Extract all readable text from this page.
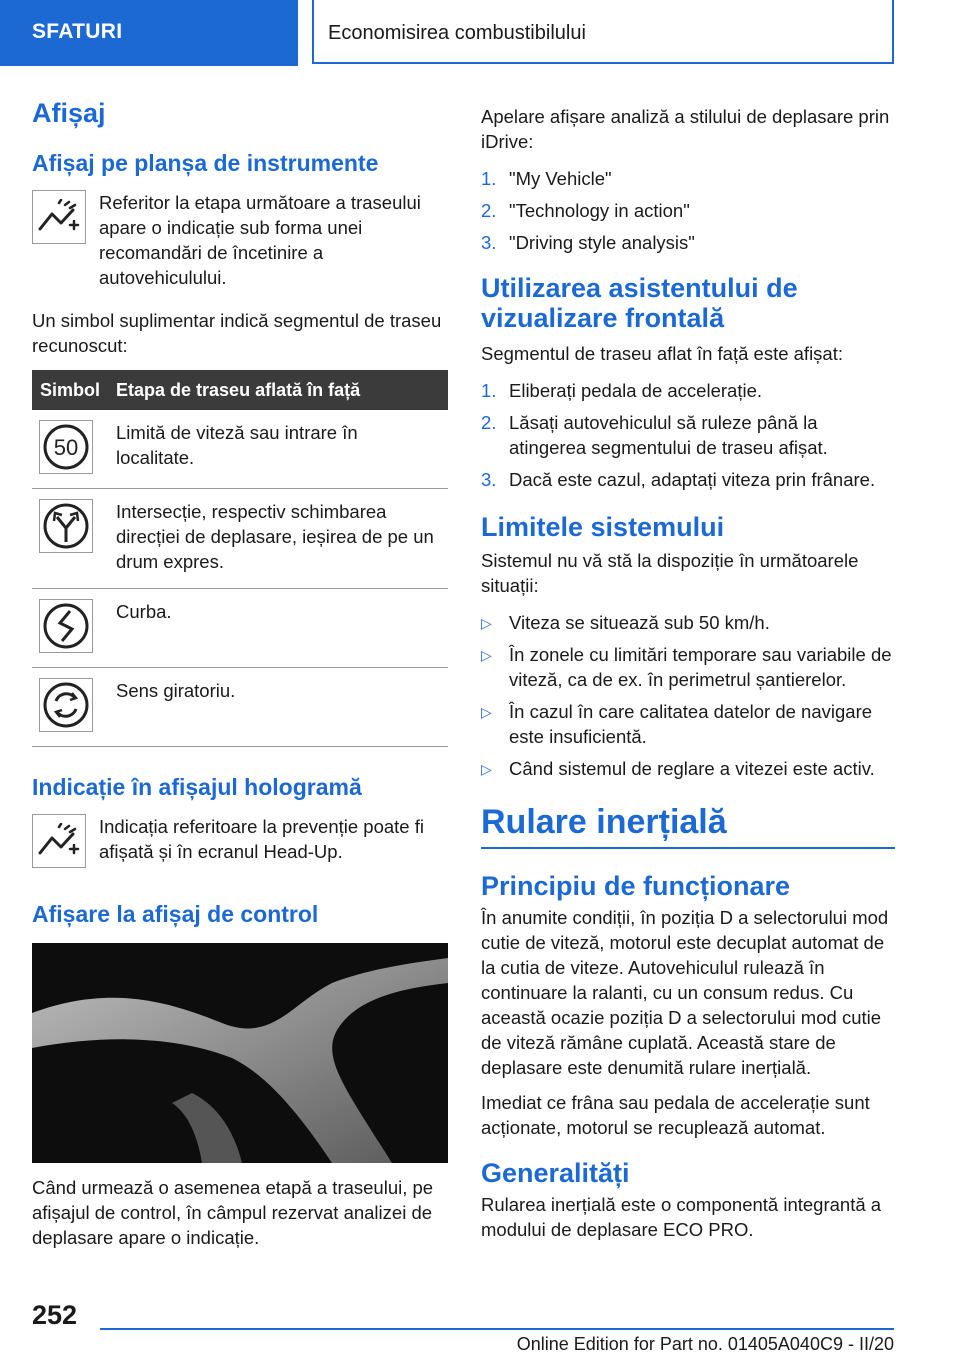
SFATURI	Economisirea combustibilului
Afișaj
Afișaj pe planșa de instrumente

Referitor la etapa următoare a traseului apare o indicație sub forma unei recomandări de încetinire a autovehiculului.

Un simbol suplimentar indică segmentul de traseu recunoscut:

Simbol	Etapa de traseu aflată în față

50	Limită de viteză sau intrare în localitate.

	Intersecție, respectiv schimbarea direcției de deplasare, ieșirea de pe un drum expres.

	Curba.

	Sens giratoriu.
Indicație în afișajul hologramă

Indicația referitoare la prevenție poate fi afișată și în ecranul Head-Up.

Afișare la afișaj de control

Când urmează o asemenea etapă a traseului, pe afișajul de control, în câmpul rezervat analizei de deplasare apare o indicație.

Apelare afișare analiză a stilului de deplasare prin iDrive:

1. "My Vehicle"
2. "Technology in action"
3. "Driving style analysis"
Utilizarea asistentului de vizualizare frontală

Segmentul de traseu aflat în față este afișat:

1. Eliberați pedala de accelerație.
2. Lăsați autovehiculul să ruleze până la atingerea segmentului de traseu afișat.
3. Dacă este cazul, adaptați viteza prin frânare.
Limitele sistemului

Sistemul nu vă stă la dispoziție în următoarele situații:

▷ Viteza se situează sub 50 km/h.
▷ În zonele cu limitări temporare sau variabile de viteză, ca de ex. în perimetrul șantierelor.
▷ În cazul în care calitatea datelor de navigare este insuficientă.
▷ Când sistemul de reglare a vitezei este activ.
Rulare inerțială
Principiu de funcționare

În anumite condiții, în poziția D a selectorului mod cutie de viteză, motorul este decuplat automat de la cutia de viteze. Autovehiculul rulează în continuare la ralanti, cu un consum redus. Cu această ocazie poziția D a selectorului mod cutie de viteză rămâne cuplată. Această stare de deplasare este denumită rulare inerțială.

Imediat ce frâna sau pedala de accelerație sunt acționate, motorul se recuplează automat.

Generalități

Rularea inerțială este o componentă integrantă a modului de deplasare ECO PRO.

252
Online Edition for Part no. 01405A040C9 - II/20
